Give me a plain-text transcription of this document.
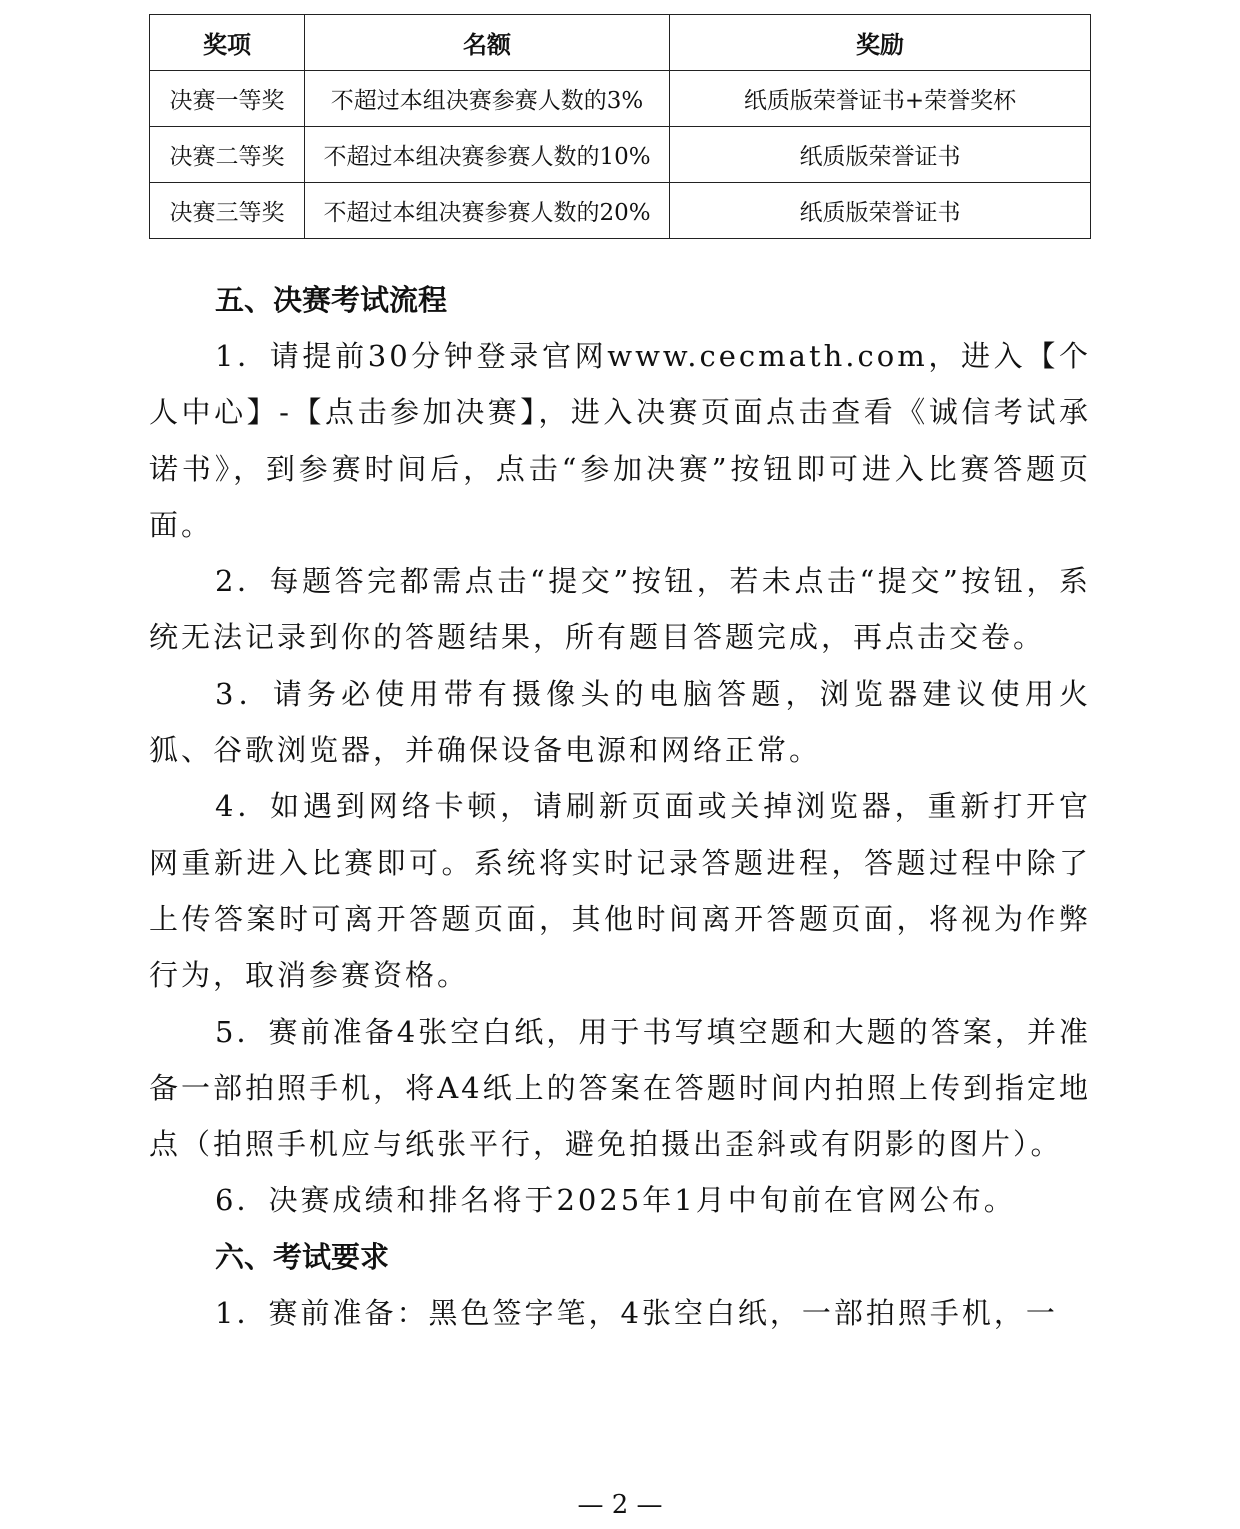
奖项	名额	奖励
决赛一等奖	不超过本组决赛参赛人数的3%	纸质版荣誉证书+荣誉奖杯
决赛二等奖	不超过本组决赛参赛人数的10%	纸质版荣誉证书
决赛三等奖	不超过本组决赛参赛人数的20%	纸质版荣誉证书
五、决赛考试流程

1．请提前30分钟登录官网www.cecmath.com，进入【个人中心】-【点击参加决赛】，进入决赛页面点击查看《诚信考试承诺书》，到参赛时间后，点击“参加决赛”按钮即可进入比赛答题页面。

2．每题答完都需点击“提交”按钮，若未点击“提交”按钮，系统无法记录到你的答题结果，所有题目答题完成，再点击交卷。

3．请务必使用带有摄像头的电脑答题，浏览器建议使用火狐、谷歌浏览器，并确保设备电源和网络正常。

4．如遇到网络卡顿，请刷新页面或关掉浏览器，重新打开官网重新进入比赛即可。系统将实时记录答题进程，答题过程中除了上传答案时可离开答题页面，其他时间离开答题页面，将视为作弊行为，取消参赛资格。

5．赛前准备4张空白纸，用于书写填空题和大题的答案，并准备一部拍照手机，将A4纸上的答案在答题时间内拍照上传到指定地点（拍照手机应与纸张平行，避免拍摄出歪斜或有阴影的图片）。

6．决赛成绩和排名将于2025年1月中旬前在官网公布。

六、考试要求

1．赛前准备：黑色签字笔，4张空白纸，一部拍照手机，一

— 2 —
